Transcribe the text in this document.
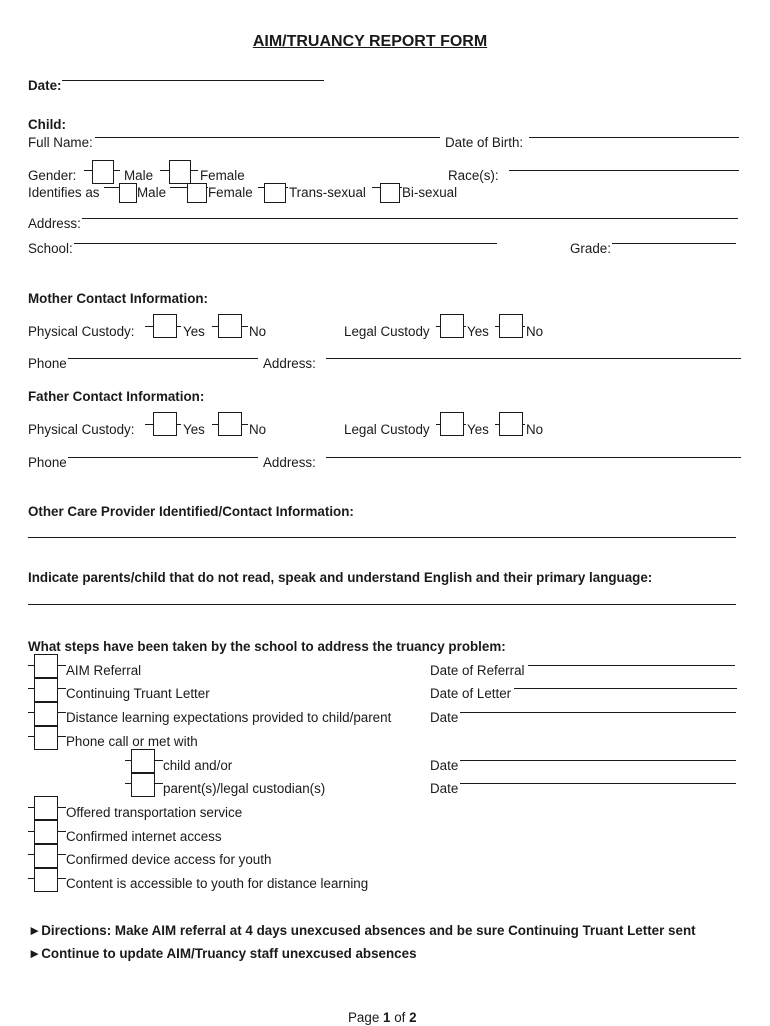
AIM/TRUANCY REPORT FORM
Date:
Child:
Full Name:	Date of Birth:
Gender:	Male	Female	Race(s):
Identifies as	Male	Female	Trans-sexual	Bi-sexual
Address:
School:	Grade:
Mother Contact Information:
Physical Custody:	Yes	No	Legal Custody	Yes	No
Phone	Address:
Father Contact Information:
Physical Custody:	Yes	No	Legal Custody	Yes	No
Phone	Address:
Other Care Provider Identified/Contact Information:
Indicate parents/child that do not read, speak and understand English and their primary language:
What steps have been taken by the school to address the truancy problem:
AIM Referral	Date of Referral
Continuing Truant Letter	Date of Letter
Distance learning expectations provided to child/parent	Date
Phone call or met with
child and/or	Date
parent(s)/legal custodian(s)	Date
Offered transportation service
Confirmed internet access
Confirmed device access for youth
Content is accessible to youth for distance learning
►Directions: Make AIM referral at 4 days unexcused absences and be sure Continuing Truant Letter sent
►Continue to update AIM/Truancy staff unexcused absences
Page 1 of 2
